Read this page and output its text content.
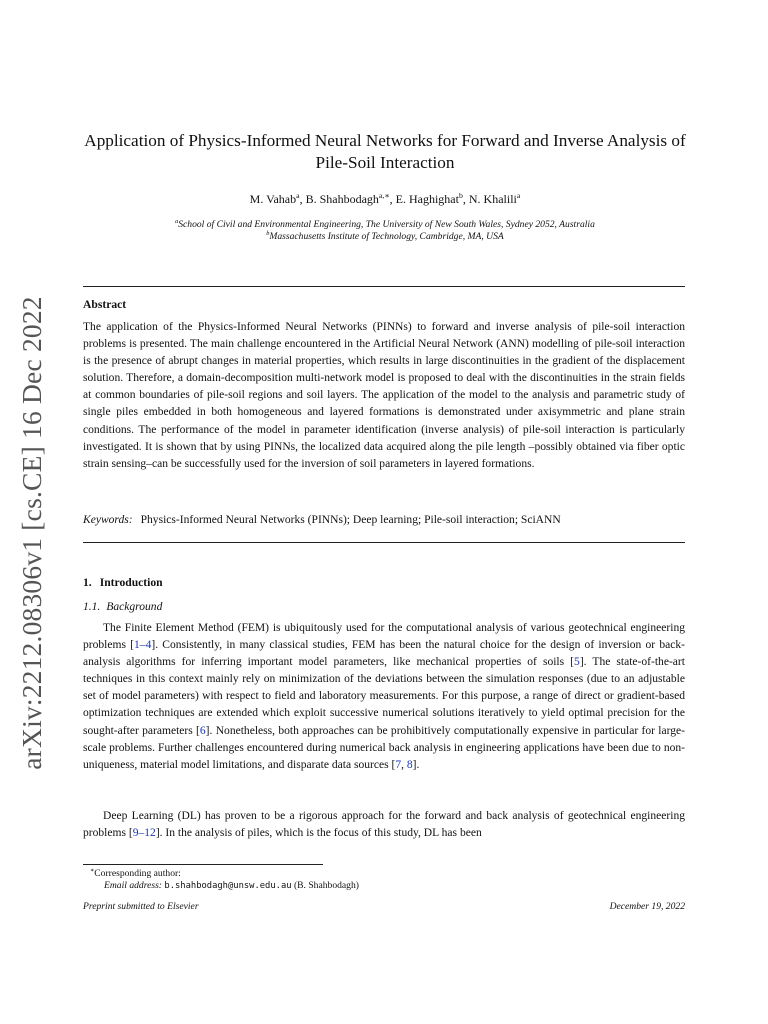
arXiv:2212.08306v1 [cs.CE] 16 Dec 2022
Application of Physics-Informed Neural Networks for Forward and Inverse Analysis of Pile-Soil Interaction
M. Vahab$^a$, B. Shahbodagh$^{a,∗}$, E. Haghighat$^b$, N. Khalili$^a$
$^a$School of Civil and Environmental Engineering, The University of New South Wales, Sydney 2052, Australia
$^b$Massachusetts Institute of Technology, Cambridge, MA, USA
Abstract

The application of the Physics-Informed Neural Networks (PINNs) to forward and inverse analysis of pile-soil interaction problems is presented. The main challenge encountered in the Artificial Neural Network (ANN) modelling of pile-soil interaction is the presence of abrupt changes in material properties, which results in large discontinuities in the gradient of the displacement solution. Therefore, a domain-decomposition multi-network model is proposed to deal with the discontinuities in the strain fields at common boundaries of pile-soil regions and soil layers. The application of the model to the analysis and parametric study of single piles embedded in both homogeneous and layered formations is demonstrated under axisymmetric and plane strain conditions. The performance of the model in parameter identification (inverse analysis) of pile-soil interaction is particularly investigated. It is shown that by using PINNs, the localized data acquired along the pile length –possibly obtained via fiber optic strain sensing–can be successfully used for the inversion of soil parameters in layered formations.

Keywords: Physics-Informed Neural Networks (PINNs); Deep learning; Pile-soil interaction; SciANN
1. Introduction
1.1. Background

The Finite Element Method (FEM) is ubiquitously used for the computational analysis of various geotechnical engineering problems [1–4]. Consistently, in many classical studies, FEM has been the natural choice for the design of inversion or back-analysis algorithms for inferring important model parameters, like mechanical properties of soils [5]. The state-of-the-art techniques in this context mainly rely on minimization of the deviations between the simulation responses (due to an adjustable set of model parameters) with respect to field and laboratory measurements. For this purpose, a range of direct or gradient-based optimization techniques are extended which exploit successive numerical solutions iteratively to yield optimal precision for the sought-after parameters [6]. Nonetheless, both approaches can be prohibitively computationally expensive in particular for large-scale problems. Further challenges encountered during numerical back analysis in engineering applications have been due to non-uniqueness, material model limitations, and disparate data sources [7, 8].

Deep Learning (DL) has proven to be a rigorous approach for the forward and back analysis of geotechnical engineering problems [9–12]. In the analysis of piles, which is the focus of this study, DL has been

∗Corresponding author:
Email address: b.shahbodagh@unsw.edu.au (B. Shahbodagh)
Preprint submitted to Elsevier	December 19, 2022
